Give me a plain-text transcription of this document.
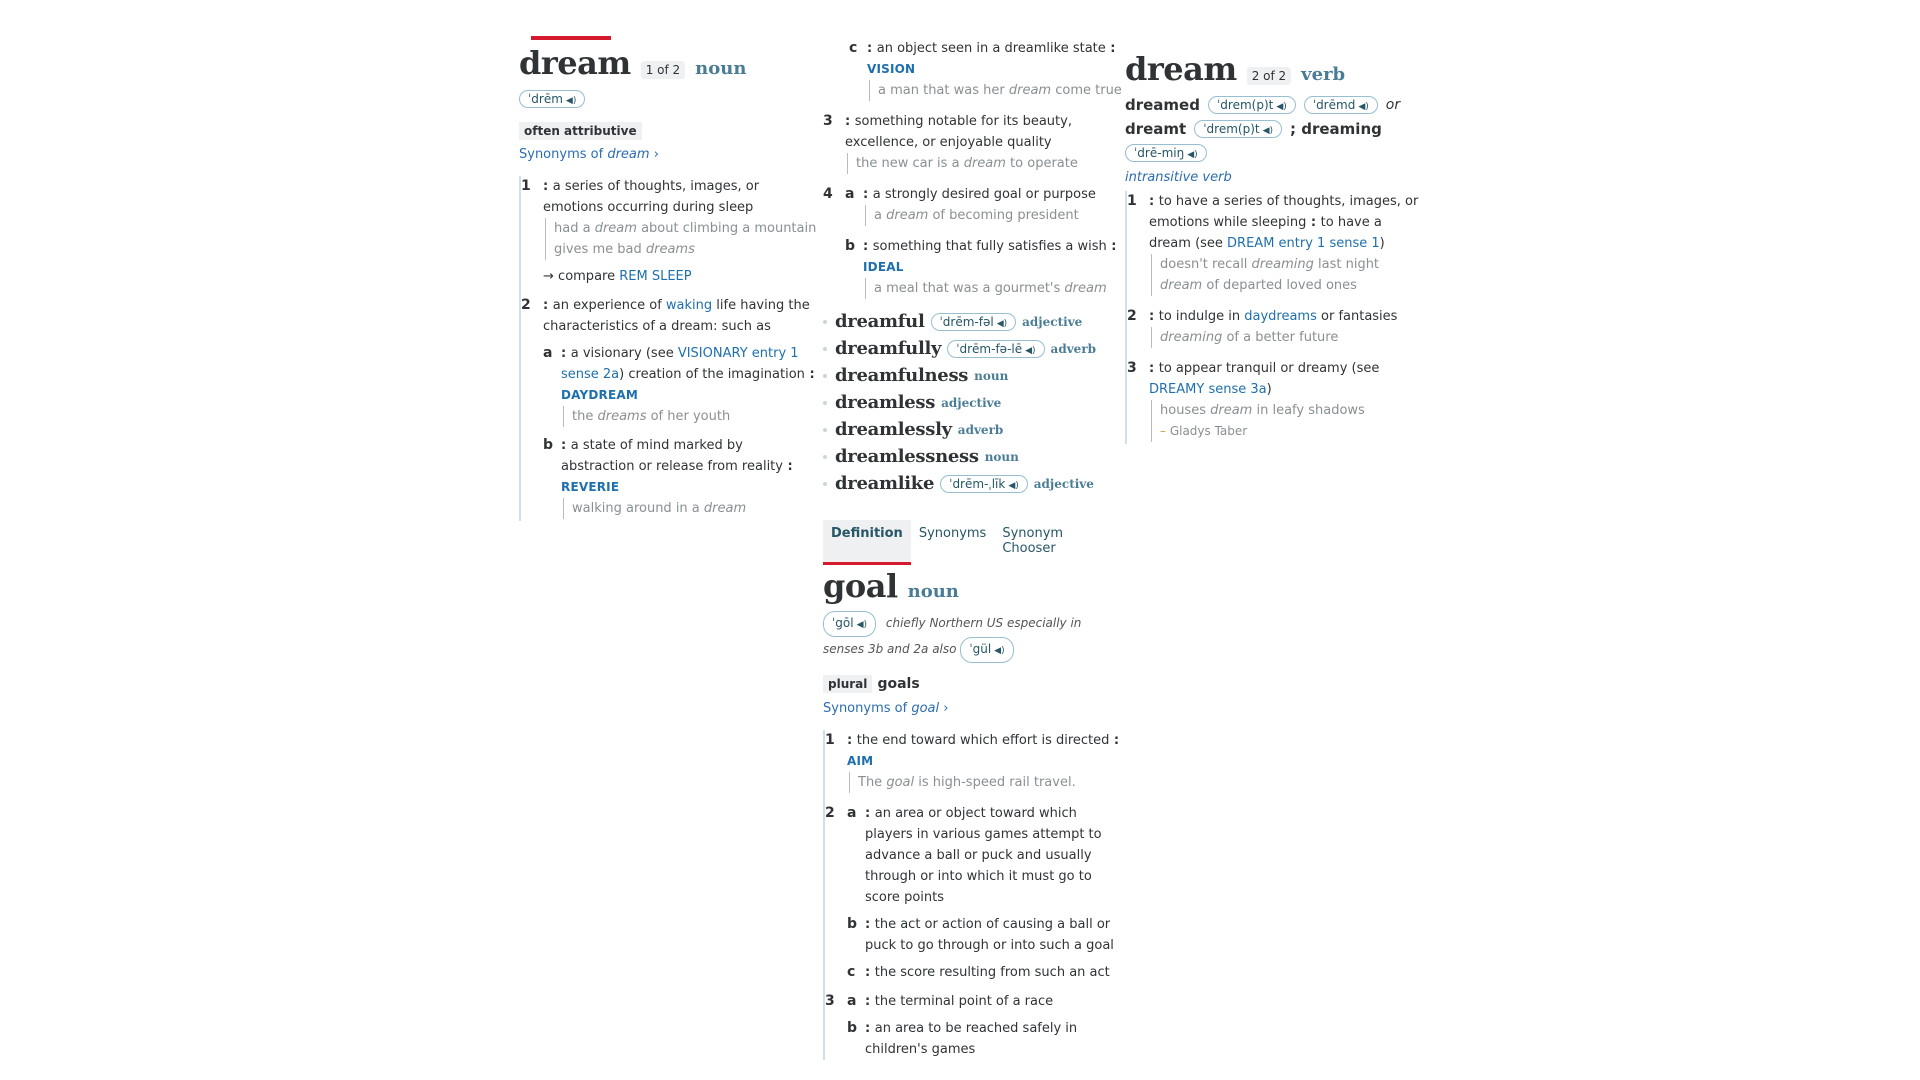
dream	1 of 2 noun
ˈdrēm ◀)
often attributive
Synonyms of dream ›
1 : a series of thoughts, images, or emotions occurring during sleep
had a dream about climbing a mountain
gives me bad dreams
→ compare REM SLEEP
2 : an experience of waking life having the characteristics of a dream: such as
a : a visionary (see VISIONARY entry 1 sense 2a) creation of the imagination :
DAYDREAM
the dreams of her youth
b : a state of mind marked by abstraction or release from reality : REVERIE
walking around in a dream
c : an object seen in a dreamlike state :
VISION
a man that was her dream come true
3 : something notable for its beauty, excellence, or enjoyable quality
the new car is a dream to operate
4 a : a strongly desired goal or purpose
a dream of becoming president
b : something that fully satisfies a wish :
IDEAL
a meal that was a gourmet's dream
dreamful	ˈdrēm-fəl ◀)	adjective
dreamfully	ˈdrēm-fə-lē ◀)	adverb
dreamfulness noun
dreamless adjective
dreamlessly adverb
dreamlessness noun
dreamlike	ˈdrēm-ˌlīk ◀)	adjective
dream	2 of 2 verb
dreamed	ˈdrem(p)t ◀)	ˈdrēmd ◀)	or
dreamt	ˈdrem(p)t ◀)	; dreaming
ˈdrē-miŋ ◀)
intransitive verb
1 : to have a series of thoughts, images, or emotions while sleeping : to have a dream (see DREAM entry 1 sense 1)
doesn't recall dreaming last night
dream of departed loved ones
2 : to indulge in daydreams or fantasies
dreaming of a better future
3 : to appear tranquil or dreamy (see DREAMY sense 3a)
houses dream in leafy shadows
– Gladys Taber
Definition	Synonyms	Synonym Chooser
goal noun
ˈgōl ◀) chiefly Northern US especially in senses 3b and 2a also ˈgül ◀)
plural goals
Synonyms of goal ›
1 : the end toward which effort is directed :
AIM
The goal is high-speed rail travel.
2 a : an area or object toward which players in various games attempt to advance a ball or puck and usually through or into which it must go to score points
b : the act or action of causing a ball or puck to go through or into such a goal
c : the score resulting from such an act
3 a : the terminal point of a race
b : an area to be reached safely in children's games
